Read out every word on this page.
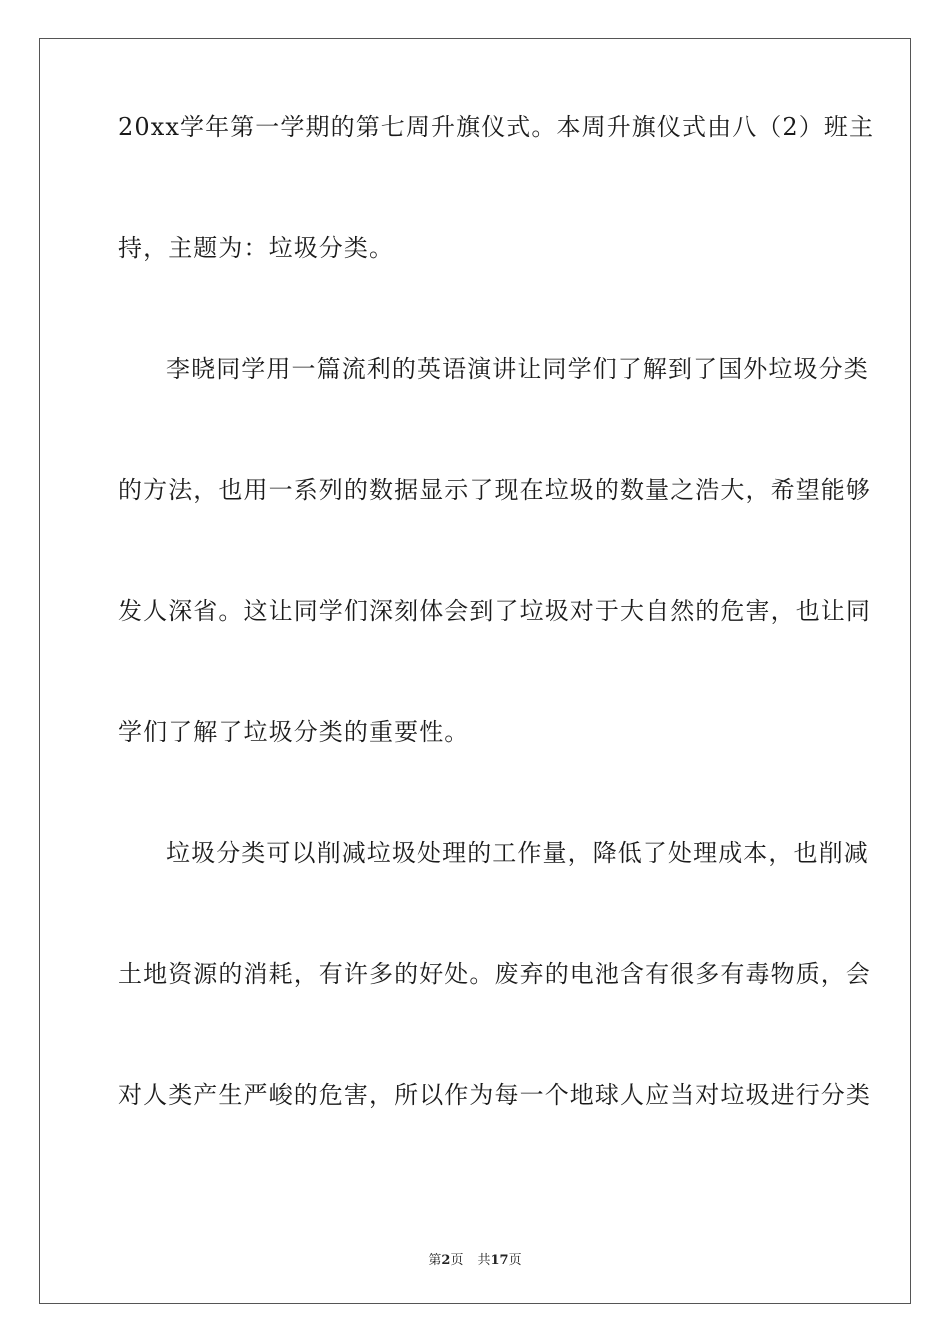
20xx学年第一学期的第七周升旗仪式。本周升旗仪式由八（2）班主

持，主题为：垃圾分类。

李晓同学用一篇流利的英语演讲让同学们了解到了国外垃圾分类

的方法，也用一系列的数据显示了现在垃圾的数量之浩大，希望能够

发人深省。这让同学们深刻体会到了垃圾对于大自然的危害，也让同

学们了解了垃圾分类的重要性。

垃圾分类可以削减垃圾处理的工作量，降低了处理成本，也削减

土地资源的消耗，有许多的好处。废弃的电池含有很多有毒物质，会

对人类产生严峻的危害，所以作为每一个地球人应当对垃圾进行分类

第2页 共17页
